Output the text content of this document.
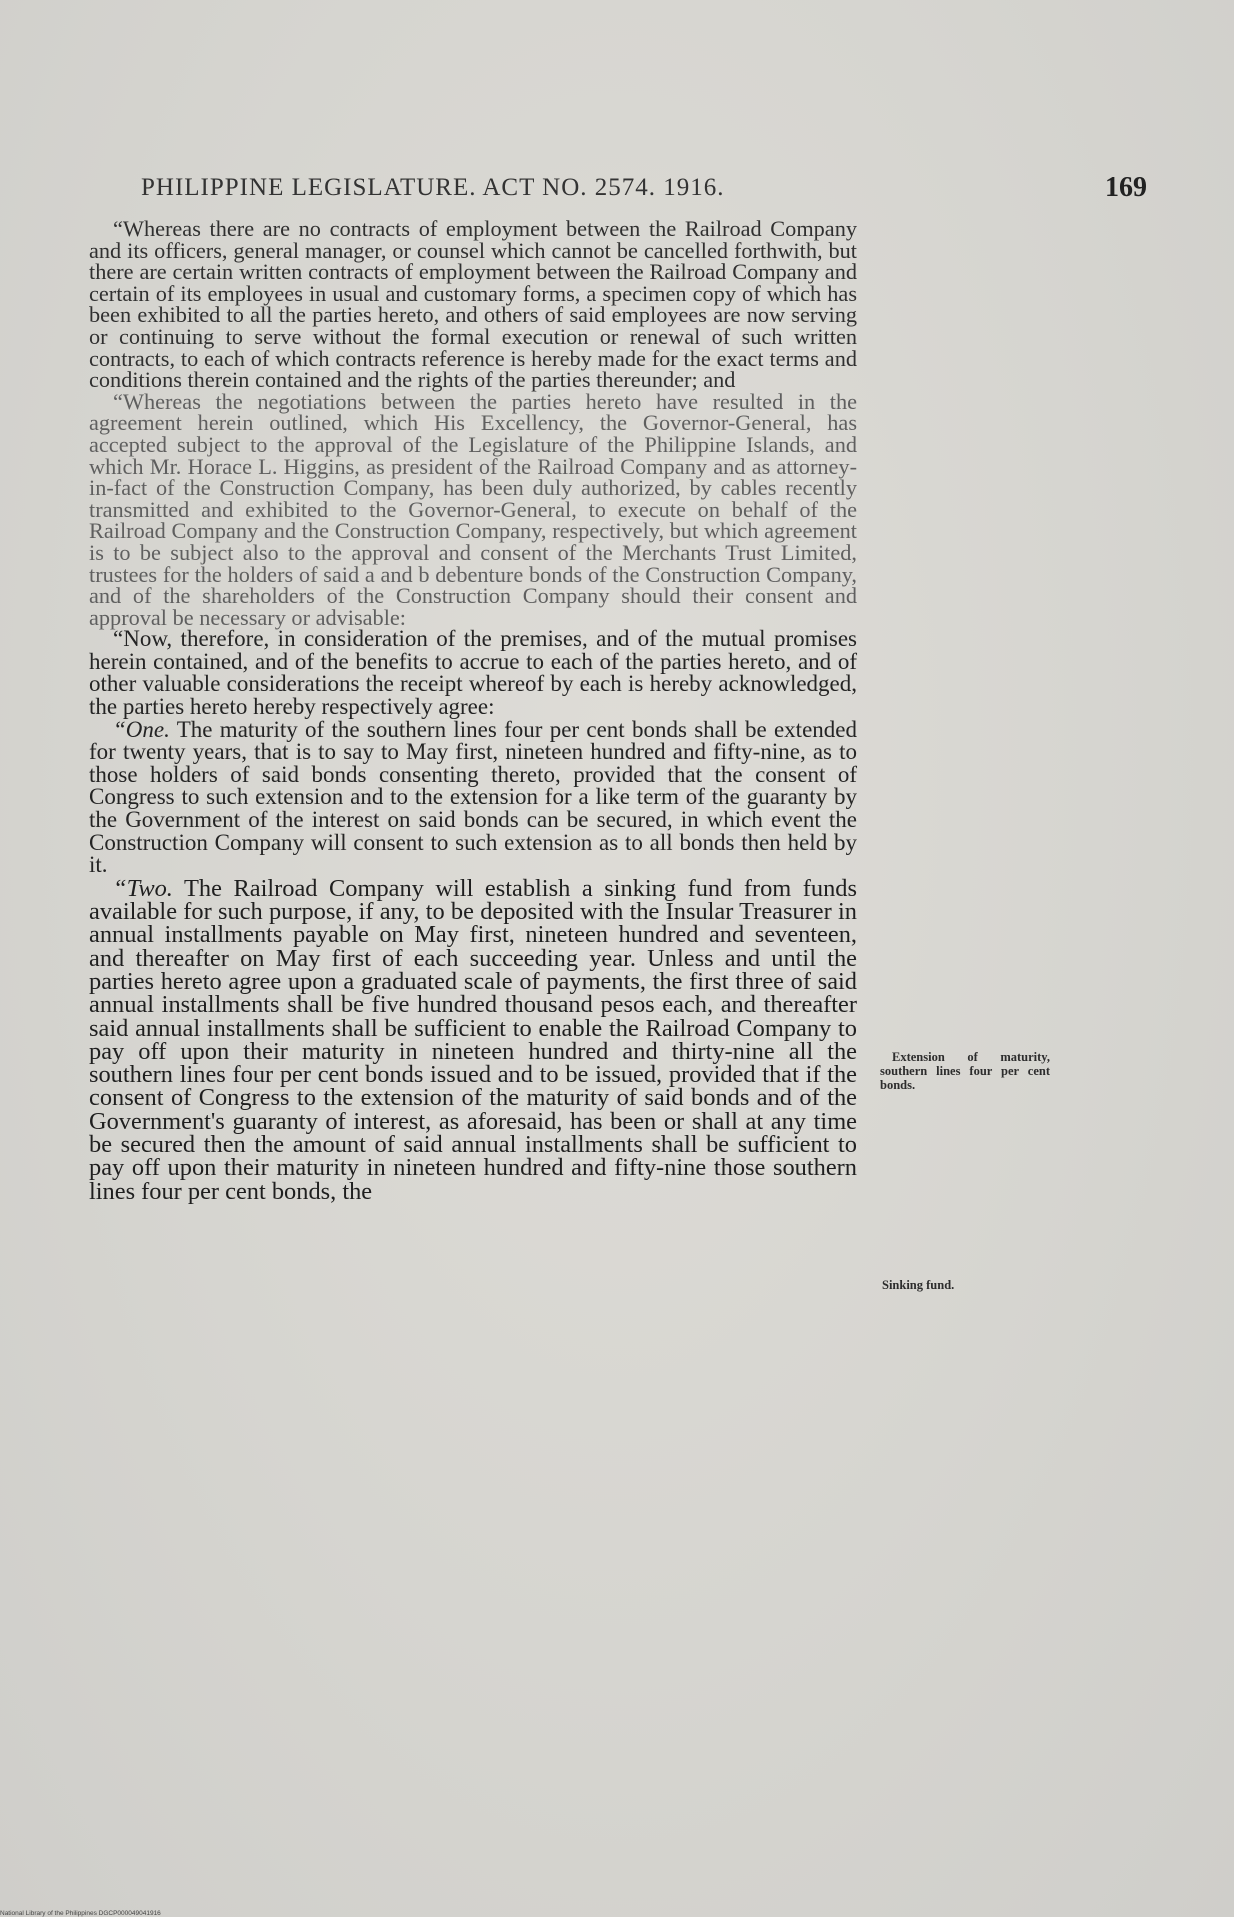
PHILIPPINE LEGISLATURE. ACT NO. 2574. 1916.	169

“Whereas there are no contracts of employment between the Railroad Company and its officers, general manager, or counsel which cannot be cancelled forthwith, but there are certain written contracts of employment between the Railroad Company and certain of its employees in usual and customary forms, a specimen copy of which has been exhibited to all the parties hereto, and others of said employees are now serving or continuing to serve without the formal execution or renewal of such written contracts, to each of which contracts reference is hereby made for the exact terms and conditions therein contained and the rights of the parties thereunder; and

“Whereas the negotiations between the parties hereto have resulted in the agreement herein outlined, which His Excellency, the Governor-General, has accepted subject to the approval of the Legislature of the Philippine Islands, and which Mr. Horace L. Higgins, as president of the Railroad Company and as attorney-in-fact of the Construction Company, has been duly authorized, by cables recently transmitted and exhibited to the Governor-General, to execute on behalf of the Railroad Company and the Construction Company, respectively, but which agreement is to be subject also to the approval and consent of the Merchants Trust Limited, trustees for the holders of said a and b debenture bonds of the Construction Company, and of the shareholders of the Construction Company should their consent and approval be necessary or advisable:

“Now, therefore, in consideration of the premises, and of the mutual promises herein contained, and of the benefits to accrue to each of the parties hereto, and of other valuable considerations the receipt whereof by each is hereby acknowledged, the parties hereto hereby respectively agree:

“One. The maturity of the southern lines four per cent bonds shall be extended for twenty years, that is to say to May first, nineteen hundred and fifty-nine, as to those holders of said bonds consenting thereto, provided that the consent of Congress to such extension and to the extension for a like term of the guaranty by the Government of the interest on said bonds can be secured, in which event the Construction Company will consent to such extension as to all bonds then held by it.

“Two. The Railroad Company will establish a sinking fund from funds available for such purpose, if any, to be deposited with the Insular Treasurer in annual installments payable on May first, nineteen hundred and seventeen, and thereafter on May first of each succeeding year. Unless and until the parties hereto agree upon a graduated scale of payments, the first three of said annual installments shall be five hundred thousand pesos each, and thereafter said annual installments shall be sufficient to enable the Railroad Company to pay off upon their maturity in nineteen hundred and thirty-nine all the southern lines four per cent bonds issued and to be issued, provided that if the consent of Congress to the extension of the maturity of said bonds and of the Government's guaranty of interest, as aforesaid, has been or shall at any time be secured then the amount of said annual installments shall be sufficient to pay off upon their maturity in nineteen hundred and fifty-nine those southern lines four per cent bonds, the

Extension of maturity, southern lines four per cent bonds.
Sinking fund.
National Library of the Philippines DGCP000049041916
